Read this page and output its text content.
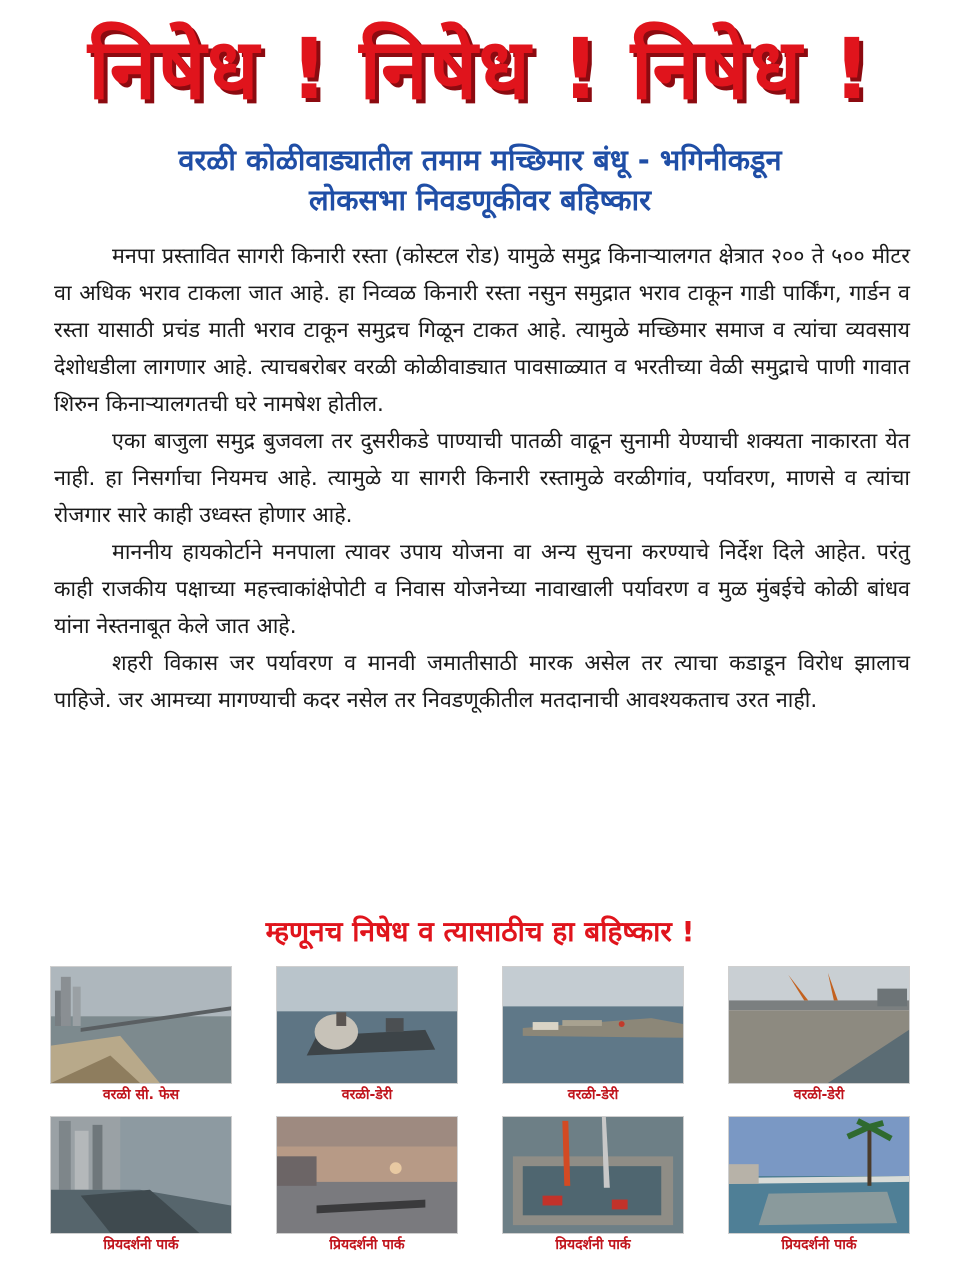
निषेध ! निषेध ! निषेध !
वरळी कोळीवाड्यातील तमाम मच्छिमार बंधू - भगिनीकडून
लोकसभा निवडणूकीवर बहिष्कार

मनपा प्रस्तावित सागरी किनारी रस्ता (कोस्टल रोड) यामुळे समुद्र किनाऱ्यालगत क्षेत्रात २०० ते ५०० मीटर वा अधिक भराव टाकला जात आहे. हा निव्वळ किनारी रस्ता नसुन समुद्रात भराव टाकून गाडी पार्किंग, गार्डन व रस्ता यासाठी प्रचंड माती भराव टाकून समुद्रच गिळून टाकत आहे. त्यामुळे मच्छिमार समाज व त्यांचा व्यवसाय देशोधडीला लागणार आहे. त्याचबरोबर वरळी कोळीवाड्यात पावसाळ्यात व भरतीच्या वेळी समुद्राचे पाणी गावात शिरुन किनाऱ्यालगतची घरे नामषेश होतील.

एका बाजुला समुद्र बुजवला तर दुसरीकडे पाण्याची पातळी वाढून सुनामी येण्याची शक्यता नाकारता येत नाही. हा निसर्गाचा नियमच आहे. त्यामुळे या सागरी किनारी रस्तामुळे वरळीगांव, पर्यावरण, माणसे व त्यांचा रोजगार सारे काही उध्वस्त होणार आहे.

माननीय हायकोर्टाने मनपाला त्यावर उपाय योजना वा अन्य सुचना करण्याचे निर्देश दिले आहेत. परंतु काही राजकीय पक्षाच्या महत्त्वाकांक्षेपोटी व निवास योजनेच्या नावाखाली पर्यावरण व मुळ मुंबईचे कोळी बांधव यांना नेस्तनाबूत केले जात आहे.

शहरी विकास जर पर्यावरण व मानवी जमातीसाठी मारक असेल तर त्याचा कडाडून विरोध झालाच पाहिजे. जर आमच्या मागण्याची कदर नसेल तर निवडणूकीतील मतदानाची आवश्यकताच उरत नाही.

म्हणूनच निषेध व त्यासाठीच हा बहिष्कार !
वरळी सी. फेस	वरळी-डेरी	वरळी-डेरी	वरळी-डेरी
प्रियदर्शनी पार्क	प्रियदर्शनी पार्क	प्रियदर्शनी पार्क	प्रियदर्शनी पार्क
